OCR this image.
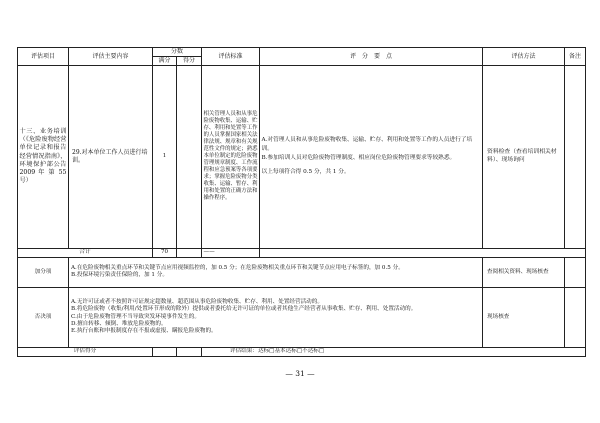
评估项目	评估主要内容	分数		评估标准	评　分　要　点	评估方法	备注
		满分	得分				
十三、业务培训（《危险废物经营单位记录和报告经营情况指南》，环境保护部公告 2009 年 第 55 号）	29.对本单位工作人员进行培训。	1		相关管理人员和从事危险废物收集、运输、贮存、利用和处置等工作的人员掌握国家相关法律法规、规章和有关规范性文件的规定；熟悉本单位制定的危险废物管理规章制度、工作流程和应急预案等各项要求；掌握危险废物分类收集、运输、暂存、利用和处置的正确方法和操作程序。	A.对管理人员和从事危险废物收集、运输、贮存、利用和处置等工作的人员进行了培训。

B.参加培训人员对危险废物管理制度、相应岗位危险废物管理要求等较熟悉。

以上每项符合得 0.5 分，共 1 分。	资料检查（查看培训相关材料）、现场询问	
合计		70		——			
加分项	A.在危险废物相关重点环节和关键节点应用视频监控的，加 0.5 分；在危险废物相关重点环节和关键节点应用电子标签的，加 0.5 分。

B.投保环境污染责任保险的，加 1 分。					查阅相关资料、现场核查	
否决项	A.无许可证或者不按照许可证规定超数量、超范围从事危险废物收集、贮存、利用、处置经营活动的。

B.将危险废物（收集/利用/处置环节形成的除外）提供或者委托给无许可证的单位或者其他生产经营者从事收集、贮存、利用、处置活动的。

C.由于危险废物管理不当导致突发环境事件发生的。

D.擅自转移、倾倒、堆放危险废物的。

E.执行台账和申报制度存在不报或虚报、瞒报危险废物的。					现场核查	
评估得分				评估结果：达标□基本达标□不达标□			
— 31 —
